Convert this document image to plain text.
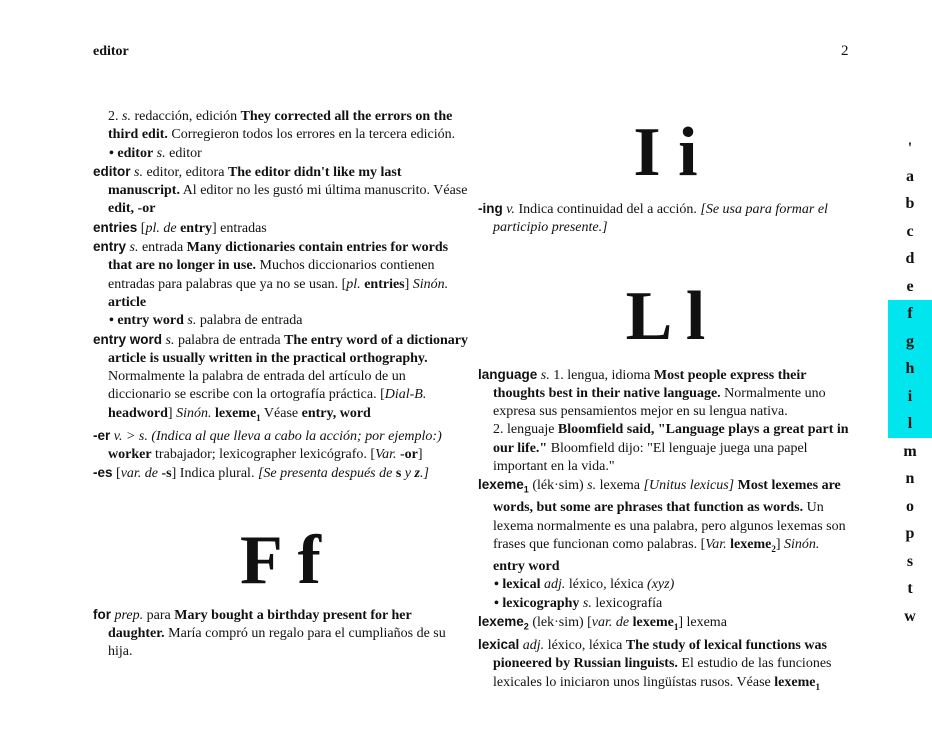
editor	2
2. s. redacción, edición They corrected all the errors on the third edit. Corregieron todos los errores en la tercera edición.
• editor s. editor
editor s. editor, editora The editor didn't like my last manuscript. Al editor no les gustó mi última manuscrito. Véase edit, -or
entries [pl. de entry] entradas
entry s. entrada Many dictionaries contain entries for words that are no longer in use. Muchos diccionarios contienen entradas para palabras que ya no se usan. [pl. entries] Sinón. article
• entry word s. palabra de entrada
entry word s. palabra de entrada The entry word of a dictionary article is usually written in the practical orthography. Normalmente la palabra de entrada del artículo de un diccionario se escribe con la ortografía práctica. [Dial-B. headword] Sinón. lexeme$_1$ Véase entry, word
-er v. > s. (Indica al que lleva a cabo la acción; por ejemplo:) worker trabajador; lexicographer lexicógrafo. [Var. -or]
-es [var. de -s] Indica plural. [Se presenta después de s y z.]
F f
for prep. para Mary bought a birthday present for her daughter. María compró un regalo para el cumpliaños de su hija.
I i
-ing v. Indica continuidad del a acción. [Se usa para formar el participio presente.]
L l
language s. 1. lengua, idioma Most people express their thoughts best in their native language. Normalmente uno expresa sus pensamientos mejor en su lengua nativa.
2. lenguaje Bloomfield said, "Language plays a great part in our life." Bloomfield dijo: "El lenguaje juega una papel important en la vida."
lexeme$_1$ (lék·sim) s. lexema [Unitus lexicus] Most lexemes are words, but some are phrases that function as words. Un lexema normalmente es una palabra, pero algunos lexemas son frases que funcionan como palabras. [Var. lexeme$_2$] Sinón. entry word
• lexical adj. léxico, léxica (xyz)
• lexicography s. lexicografía
lexeme$_2$ (lek·sim) [var. de lexeme$_1$] lexema
lexical adj. léxico, léxica The study of lexical functions was pioneered by Russian linguists. El estudio de las funciones lexicales lo iniciaron unos lingüístas rusos. Véase lexeme$_1$
'
a
b
c
d
e
f
g
h
i
l
m
n
o
p
s
t
w
